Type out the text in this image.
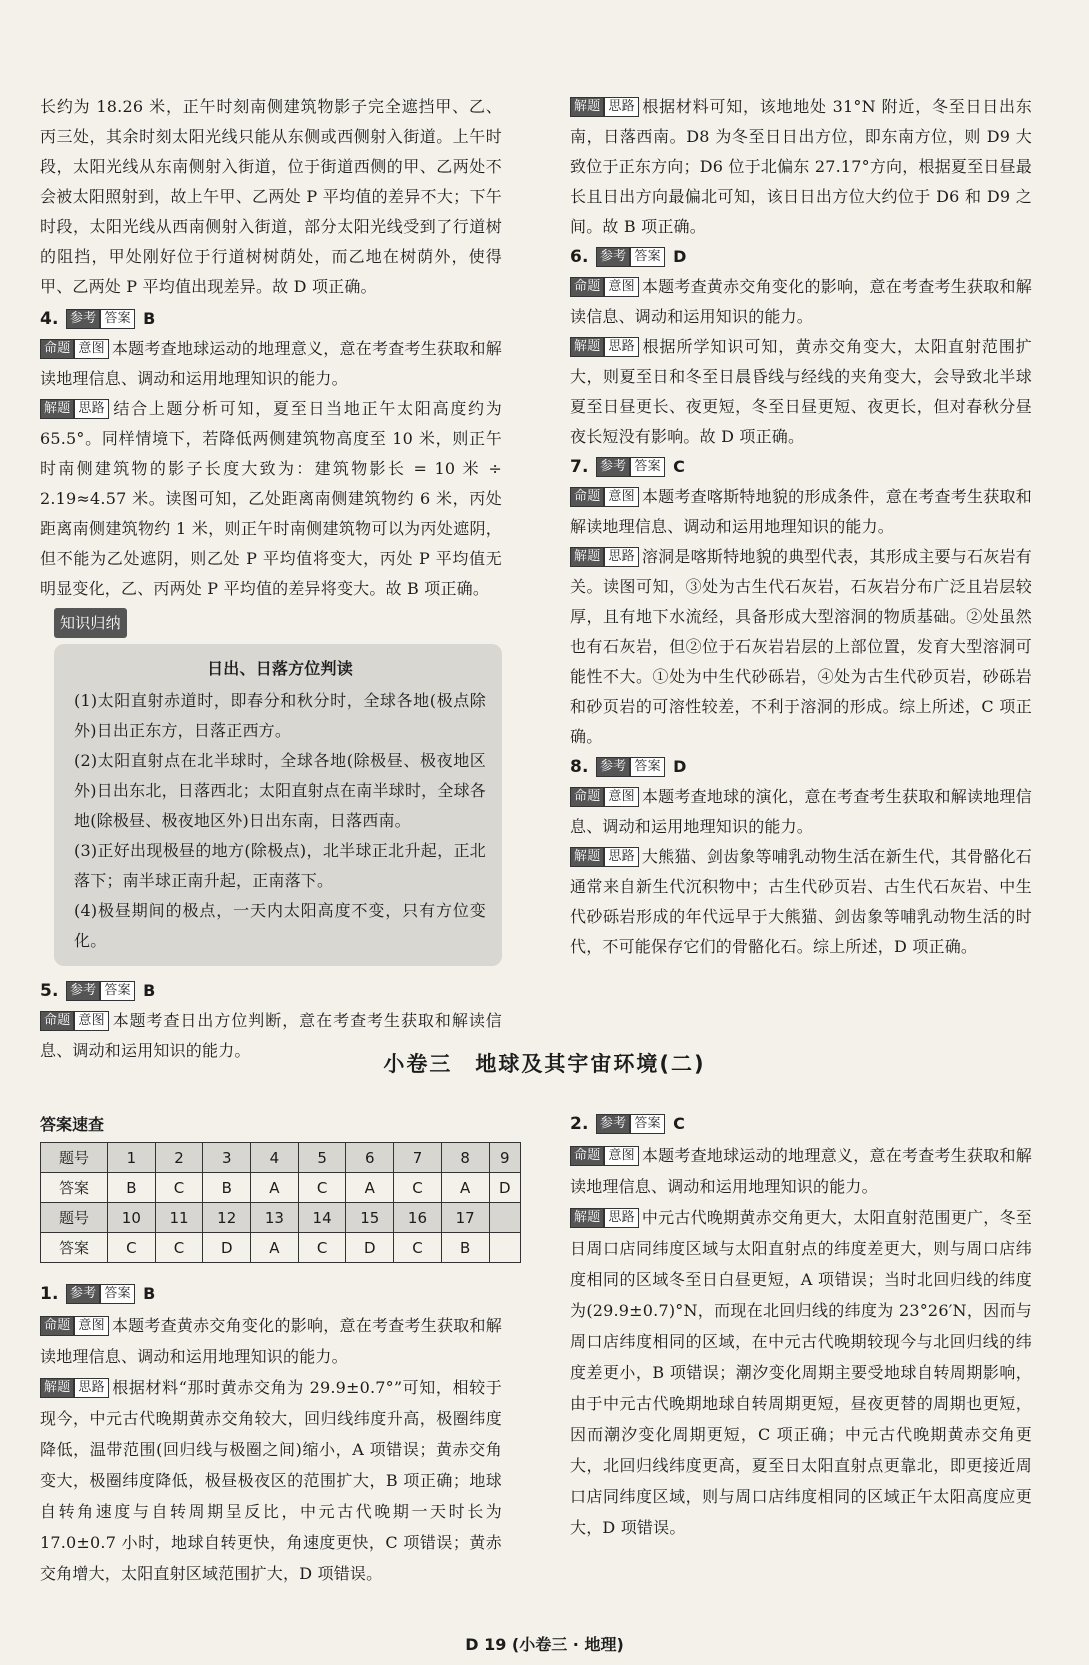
长约为 18.26 米，正午时刻南侧建筑物影子完全遮挡甲、乙、丙三处，其余时刻太阳光线只能从东侧或西侧射入街道。上午时段，太阳光线从东南侧射入街道，位于街道西侧的甲、乙两处不会被太阳照射到，故上午甲、乙两处 P 平均值的差异不大；下午时段，太阳光线从西南侧射入街道，部分太阳光线受到了行道树的阻挡，甲处刚好位于行道树树荫处，而乙地在树荫外，使得甲、乙两处 P 平均值出现差异。故 D 项正确。

4. 参考 答案 B

命题 意图 本题考查地球运动的地理意义，意在考查考生获取和解读地理信息、调动和运用地理知识的能力。

解题 思路 结合上题分析可知，夏至日当地正午太阳高度约为 65.5°。同样情境下，若降低两侧建筑物高度至 10 米，则正午时南侧建筑物的影子长度大致为：建筑物影长 = 10 米 ÷ 2.19≈4.57 米。读图可知，乙处距离南侧建筑物约 6 米，丙处距离南侧建筑物约 1 米，则正午时南侧建筑物可以为丙处遮阴，但不能为乙处遮阴，则乙处 P 平均值将变大，丙处 P 平均值无明显变化，乙、丙两处 P 平均值的差异将变大。故 B 项正确。

知识归纳
日出、日落方位判读

(1)太阳直射赤道时，即春分和秋分时，全球各地(极点除外)日出正东方，日落正西方。

(2)太阳直射点在北半球时，全球各地(除极昼、极夜地区外)日出东北，日落西北；太阳直射点在南半球时，全球各地(除极昼、极夜地区外)日出东南，日落西南。

(3)正好出现极昼的地方(除极点)，北半球正北升起，正北落下；南半球正南升起，正南落下。

(4)极昼期间的极点，一天内太阳高度不变，只有方位变化。

5. 参考 答案 B

命题 意图 本题考查日出方位判断，意在考查考生获取和解读信息、调动和运用知识的能力。

解题 思路 根据材料可知，该地地处 31°N 附近，冬至日日出东南，日落西南。D8 为冬至日日出方位，即东南方位，则 D9 大致位于正东方向；D6 位于北偏东 27.17°方向，根据夏至日昼最长且日出方向最偏北可知，该日日出方位大约位于 D6 和 D9 之间。故 B 项正确。

6. 参考 答案 D

命题 意图 本题考查黄赤交角变化的影响，意在考查考生获取和解读信息、调动和运用知识的能力。

解题 思路 根据所学知识可知，黄赤交角变大，太阳直射范围扩大，则夏至日和冬至日晨昏线与经线的夹角变大，会导致北半球夏至日昼更长、夜更短，冬至日昼更短、夜更长，但对春秋分昼夜长短没有影响。故 D 项正确。

7. 参考 答案 C

命题 意图 本题考查喀斯特地貌的形成条件，意在考查考生获取和解读地理信息、调动和运用地理知识的能力。

解题 思路 溶洞是喀斯特地貌的典型代表，其形成主要与石灰岩有关。读图可知，③处为古生代石灰岩，石灰岩分布广泛且岩层较厚，且有地下水流经，具备形成大型溶洞的物质基础。②处虽然也有石灰岩，但②位于石灰岩岩层的上部位置，发育大型溶洞可能性不大。①处为中生代砂砾岩，④处为古生代砂页岩，砂砾岩和砂页岩的可溶性较差，不利于溶洞的形成。综上所述，C 项正确。

8. 参考 答案 D

命题 意图 本题考查地球的演化，意在考查考生获取和解读地理信息、调动和运用地理知识的能力。

解题 思路 大熊猫、剑齿象等哺乳动物生活在新生代，其骨骼化石通常来自新生代沉积物中；古生代砂页岩、古生代石灰岩、中生代砂砾岩形成的年代远早于大熊猫、剑齿象等哺乳动物生活的时代，不可能保存它们的骨骼化石。综上所述，D 项正确。

小卷三　地球及其宇宙环境(二)
答案速查
题号	1	2	3	4	5	6	7	8	9
答案	B	C	B	A	C	A	C	A	D
题号	10	11	12	13	14	15	16	17	
答案	C	C	D	A	C	D	C	B	

1. 参考 答案 B

命题 意图 本题考查黄赤交角变化的影响，意在考查考生获取和解读地理信息、调动和运用地理知识的能力。

解题 思路 根据材料“那时黄赤交角为 29.9±0.7°”可知，相较于现今，中元古代晚期黄赤交角较大，回归线纬度升高，极圈纬度降低，温带范围(回归线与极圈之间)缩小，A 项错误；黄赤交角变大，极圈纬度降低，极昼极夜区的范围扩大，B 项正确；地球自转角速度与自转周期呈反比，中元古代晚期一天时长为 17.0±0.7 小时，地球自转更快，角速度更快，C 项错误；黄赤交角增大，太阳直射区域范围扩大，D 项错误。

2. 参考 答案 C

命题 意图 本题考查地球运动的地理意义，意在考查考生获取和解读地理信息、调动和运用地理知识的能力。

解题 思路 中元古代晚期黄赤交角更大，太阳直射范围更广，冬至日周口店同纬度区域与太阳直射点的纬度差更大，则与周口店纬度相同的区域冬至日白昼更短，A 项错误；当时北回归线的纬度为(29.9±0.7)°N，而现在北回归线的纬度为 23°26′N，因而与周口店纬度相同的区域，在中元古代晚期较现今与北回归线的纬度差更小，B 项错误；潮汐变化周期主要受地球自转周期影响，由于中元古代晚期地球自转周期更短，昼夜更替的周期也更短，因而潮汐变化周期更短，C 项正确；中元古代晚期黄赤交角更大，北回归线纬度更高，夏至日太阳直射点更靠北，即更接近周口店同纬度区域，则与周口店纬度相同的区域正午太阳高度应更大，D 项错误。

D 19 (小卷三 · 地理)
